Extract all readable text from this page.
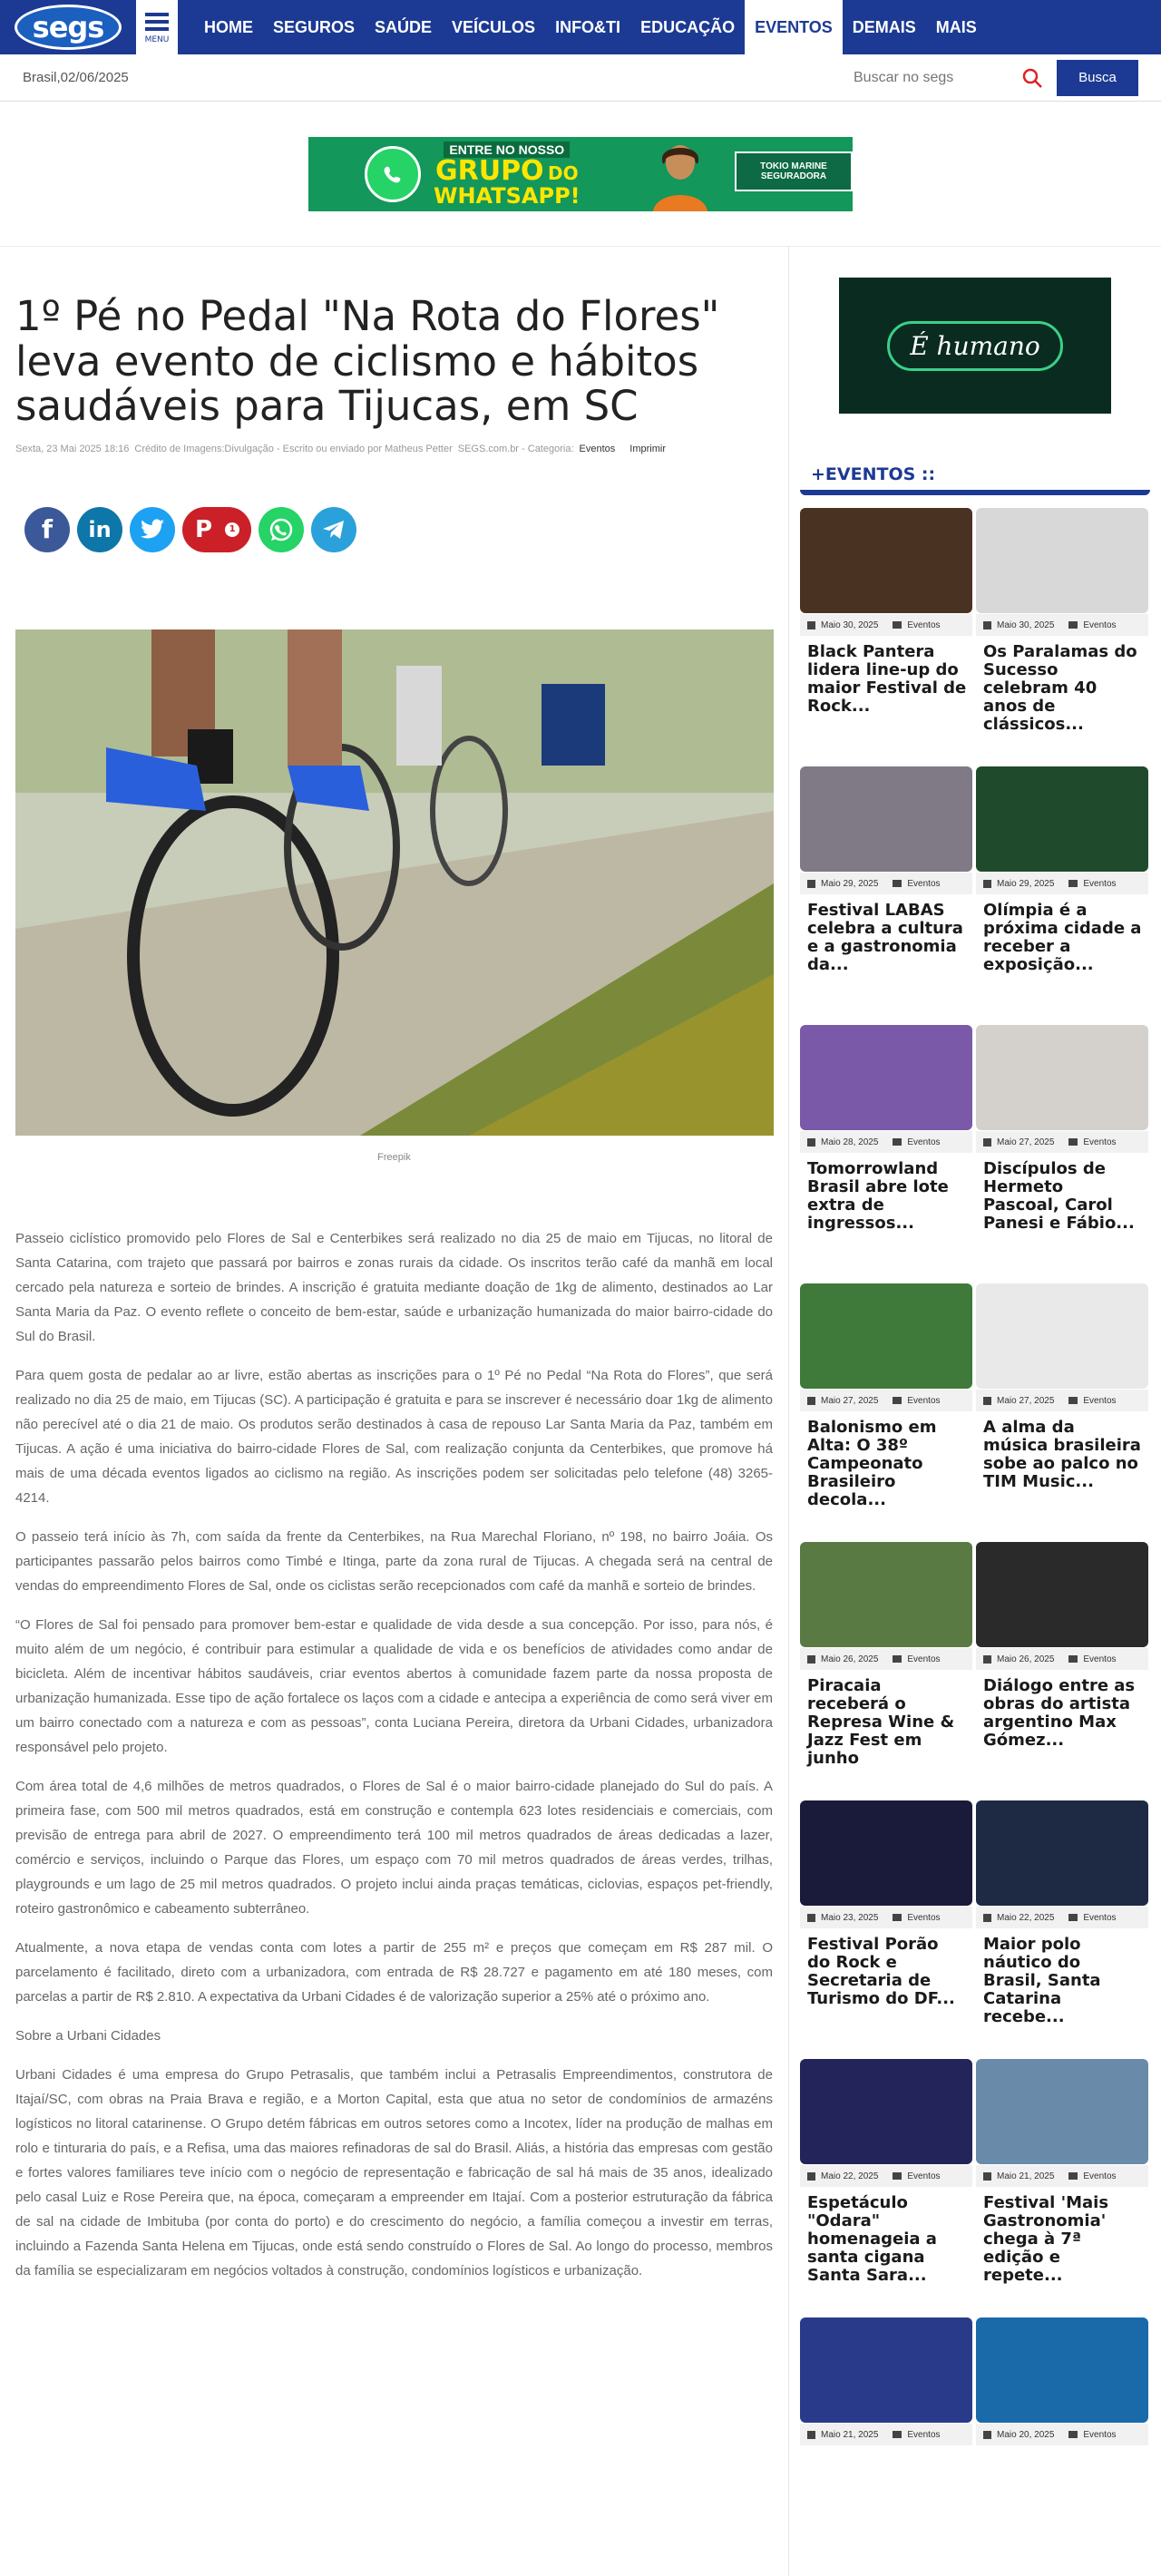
segs	MENU
HOME	SEGUROS	SAÚDE	VEÍCULOS	INFO&TI	EDUCAÇÃO	EVENTOS	DEMAIS	MAIS
Brasil,02/06/2025
Buscar no segs	Busca
ENTRE NO NOSSO
GRUPO DO
WHATSAPP!
TOKIO MARINE SEGURADORA
1º Pé no Pedal "Na Rota do Flores" leva evento de ciclismo e hábitos saudáveis para Tijucas, em SC
Sexta, 23 Mai 2025 18:16 Crédito de Imagens:Divulgação - Escrito ou enviado por Matheus Petter SEGS.com.br - Categoria: Eventos Imprimir
f	in	P	1
Freepik

Passeio ciclístico promovido pelo Flores de Sal e Centerbikes será realizado no dia 25 de maio em Tijucas, no litoral de Santa Catarina, com trajeto que passará por bairros e zonas rurais da cidade. Os inscritos terão café da manhã em local cercado pela natureza e sorteio de brindes. A inscrição é gratuita mediante doação de 1kg de alimento, destinados ao Lar Santa Maria da Paz. O evento reflete o conceito de bem-estar, saúde e urbanização humanizada do maior bairro-cidade do Sul do Brasil.

Para quem gosta de pedalar ao ar livre, estão abertas as inscrições para o 1º Pé no Pedal “Na Rota do Flores”, que será realizado no dia 25 de maio, em Tijucas (SC). A participação é gratuita e para se inscrever é necessário doar 1kg de alimento não perecível até o dia 21 de maio. Os produtos serão destinados à casa de repouso Lar Santa Maria da Paz, também em Tijucas. A ação é uma iniciativa do bairro-cidade Flores de Sal, com realização conjunta da Centerbikes, que promove há mais de uma década eventos ligados ao ciclismo na região. As inscrições podem ser solicitadas pelo telefone (48) 3265-4214.

O passeio terá início às 7h, com saída da frente da Centerbikes, na Rua Marechal Floriano, nº 198, no bairro Joáia. Os participantes passarão pelos bairros como Timbé e Itinga, parte da zona rural de Tijucas. A chegada será na central de vendas do empreendimento Flores de Sal, onde os ciclistas serão recepcionados com café da manhã e sorteio de brindes.

“O Flores de Sal foi pensado para promover bem-estar e qualidade de vida desde a sua concepção. Por isso, para nós, é muito além de um negócio, é contribuir para estimular a qualidade de vida e os benefícios de atividades como andar de bicicleta. Além de incentivar hábitos saudáveis, criar eventos abertos à comunidade fazem parte da nossa proposta de urbanização humanizada. Esse tipo de ação fortalece os laços com a cidade e antecipa a experiência de como será viver em um bairro conectado com a natureza e com as pessoas”, conta Luciana Pereira, diretora da Urbani Cidades, urbanizadora responsável pelo projeto.

Com área total de 4,6 milhões de metros quadrados, o Flores de Sal é o maior bairro-cidade planejado do Sul do país. A primeira fase, com 500 mil metros quadrados, está em construção e contempla 623 lotes residenciais e comerciais, com previsão de entrega para abril de 2027. O empreendimento terá 100 mil metros quadrados de áreas dedicadas a lazer, comércio e serviços, incluindo o Parque das Flores, um espaço com 70 mil metros quadrados de áreas verdes, trilhas, playgrounds e um lago de 25 mil metros quadrados. O projeto inclui ainda praças temáticas, ciclovias, espaços pet-friendly, roteiro gastronômico e cabeamento subterrâneo.

Atualmente, a nova etapa de vendas conta com lotes a partir de 255 m² e preços que começam em R$ 287 mil. O parcelamento é facilitado, direto com a urbanizadora, com entrada de R$ 28.727 e pagamento em até 180 meses, com parcelas a partir de R$ 2.810. A expectativa da Urbani Cidades é de valorização superior a 25% até o próximo ano.

Sobre a Urbani Cidades

Urbani Cidades é uma empresa do Grupo Petrasalis, que também inclui a Petrasalis Empreendimentos, construtora de Itajaí/SC, com obras na Praia Brava e região, e a Morton Capital, esta que atua no setor de condomínios de armazéns logísticos no litoral catarinense. O Grupo detém fábricas em outros setores como a Incotex, líder na produção de malhas em rolo e tinturaria do país, e a Refisa, uma das maiores refinadoras de sal do Brasil. Aliás, a história das empresas com gestão e fortes valores familiares teve início com o negócio de representação e fabricação de sal há mais de 35 anos, idealizado pelo casal Luiz e Rose Pereira que, na época, começaram a empreender em Itajaí. Com a posterior estruturação da fábrica de sal na cidade de Imbituba (por conta do porto) e do crescimento do negócio, a família começou a investir em terras, incluindo a Fazenda Santa Helena em Tijucas, onde está sendo construído o Flores de Sal. Ao longo do processo, membros da família se especializaram em negócios voltados à construção, condomínios logísticos e urbanização.

É humano
+EVENTOS ::
Maio 30, 2025	Eventos
Black Pantera lidera line-up do maior Festival de Rock...
Maio 30, 2025	Eventos
Os Paralamas do Sucesso celebram 40 anos de clássicos...
Maio 29, 2025	Eventos
Festival LABAS celebra a cultura e a gastronomia da...
Maio 29, 2025	Eventos
Olímpia é a próxima cidade a receber a exposição...
Maio 28, 2025	Eventos
Tomorrowland Brasil abre lote extra de ingressos...
Maio 27, 2025	Eventos
Discípulos de Hermeto Pascoal, Carol Panesi e Fábio...
Maio 27, 2025	Eventos
Balonismo em Alta: O 38º Campeonato Brasileiro decola...
Maio 27, 2025	Eventos
A alma da música brasileira sobe ao palco no TIM Music...
Maio 26, 2025	Eventos
Piracaia receberá o Represa Wine & Jazz Fest em junho
Maio 26, 2025	Eventos
Diálogo entre as obras do artista argentino Max Gómez...
Maio 23, 2025	Eventos
Festival Porão do Rock e Secretaria de Turismo do DF...
Maio 22, 2025	Eventos
Maior polo náutico do Brasil, Santa Catarina recebe...
Maio 22, 2025	Eventos
Espetáculo "Odara" homenageia a santa cigana Santa Sara...
Maio 21, 2025	Eventos
Festival 'Mais Gastronomia' chega à 7ª edição e repete...
Maio 21, 2025	Eventos	Maio 20, 2025	Eventos
